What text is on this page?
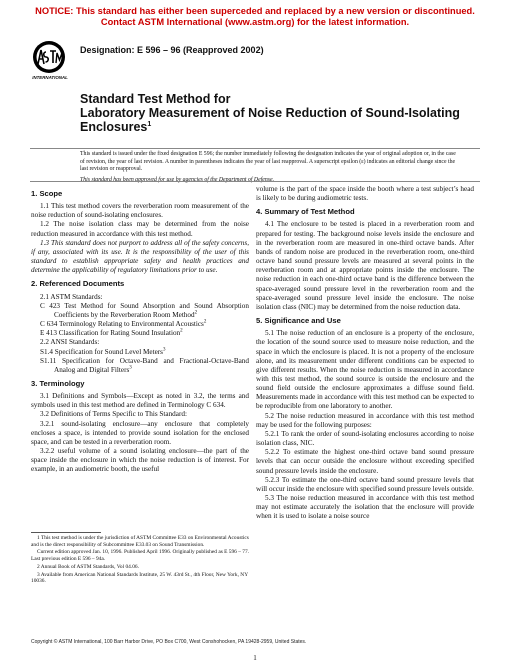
NOTICE: This standard has either been superceded and replaced by a new version or discontinued.
Contact ASTM International (www.astm.org) for the latest information.
INTERNATIONAL
Designation: E 596 – 96 (Reapproved 2002)
Standard Test Method for
Laboratory Measurement of Noise Reduction of Sound-Isolating Enclosures$^1$
This standard is issued under the fixed designation E 596; the number immediately following the designation indicates the year of original adoption or, in the case of revision, the year of last revision. A number in parentheses indicates the year of last reapproval. A superscript epsilon (ε) indicates an editorial change since the last revision or reapproval.
This standard has been approved for use by agencies of the Department of Defense.
1. Scope

1.1 This test method covers the reverberation room measurement of the noise reduction of sound-isolating enclosures.

1.2 The noise isolation class may be determined from the noise reduction measured in accordance with this test method.

1.3 This standard does not purport to address all of the safety concerns, if any, associated with its use. It is the responsibility of the user of this standard to establish appropriate safety and health practices and determine the applicability of regulatory limitations prior to use.

2. Referenced Documents

2.1 ASTM Standards:

C 423 Test Method for Sound Absorption and Sound Absorption Coefficients by the Reverberation Room Method$^2$

C 634 Terminology Relating to Environmental Acoustics$^2$

E 413 Classification for Rating Sound Insulation$^2$

2.2 ANSI Standards:

S1.4 Specification for Sound Level Meters$^3$

S1.11 Specification for Octave-Band and Fractional-Octave-Band Analog and Digital Filters$^3$

3. Terminology

3.1 Definitions and Symbols—Except as noted in 3.2, the terms and symbols used in this test method are defined in Terminology C 634.

3.2 Definitions of Terms Specific to This Standard:

3.2.1 sound-isolating enclosure—any enclosure that completely encloses a space, is intended to provide sound isolation for the enclosed space, and can be tested in a reverberation room.

3.2.2 useful volume of a sound isolating enclosure—the part of the space inside the enclosure in which the noise reduction is of interest. For example, in an audiometric booth, the useful

volume is the part of the space inside the booth where a test subject’s head is likely to be during audiometric tests.

4. Summary of Test Method

4.1 The enclosure to be tested is placed in a reverberation room and prepared for testing. The background noise levels inside the enclosure and in the reverberation room are measured in one-third octave bands. After bands of random noise are produced in the reverberation room, one-third octave band sound pressure levels are measured at several points in the reverberation room and at appropriate points inside the enclosure. The noise reduction in each one-third octave band is the difference between the space-averaged sound pressure level in the reverberation room and the space-averaged sound pressure level inside the enclosure. The noise isolation class (NIC) may be determined from the noise reduction data.

5. Significance and Use

5.1 The noise reduction of an enclosure is a property of the enclosure, the location of the sound source used to measure noise reduction, and the space in which the enclosure is placed. It is not a property of the enclosure alone, and its measurement under different conditions can be expected to give different results. When the noise reduction is measured in accordance with this test method, the sound source is outside the enclosure and the sound field outside the enclosure approximates a diffuse sound field. Measurements made in accordance with this test method can be expected to be reproducible from one laboratory to another.

5.2 The noise reduction measured in accordance with this test method may be used for the following purposes:

5.2.1 To rank the order of sound-isolating enclosures according to noise isolation class, NIC.

5.2.2 To estimate the highest one-third octave band sound pressure levels that can occur outside the enclosure without exceeding specified sound pressure levels inside the enclosure.

5.2.3 To estimate the one-third octave band sound pressure levels that will occur inside the enclosure with specified sound pressure levels outside.

5.3 The noise reduction measured in accordance with this test method may not estimate accurately the isolation that the enclosure will provide when it is used to isolate a noise source

1 This test method is under the jurisdiction of ASTM Committee E33 on Environmental Acoustics and is the direct responsibility of Subcommittee E33.03 on Sound Transmission.

Current edition approved Jan. 10, 1996. Published April 1996. Originally published as E 596 – 77. Last previous edition E 596 – 94a.

2 Annual Book of ASTM Standards, Vol 04.06.

3 Available from American National Standards Institute, 25 W. 43rd St., 4th Floor, New York, NY 10036.

Copyright © ASTM International, 100 Barr Harbor Drive, PO Box C700, West Conshohocken, PA 19428-2959, United States.
1
